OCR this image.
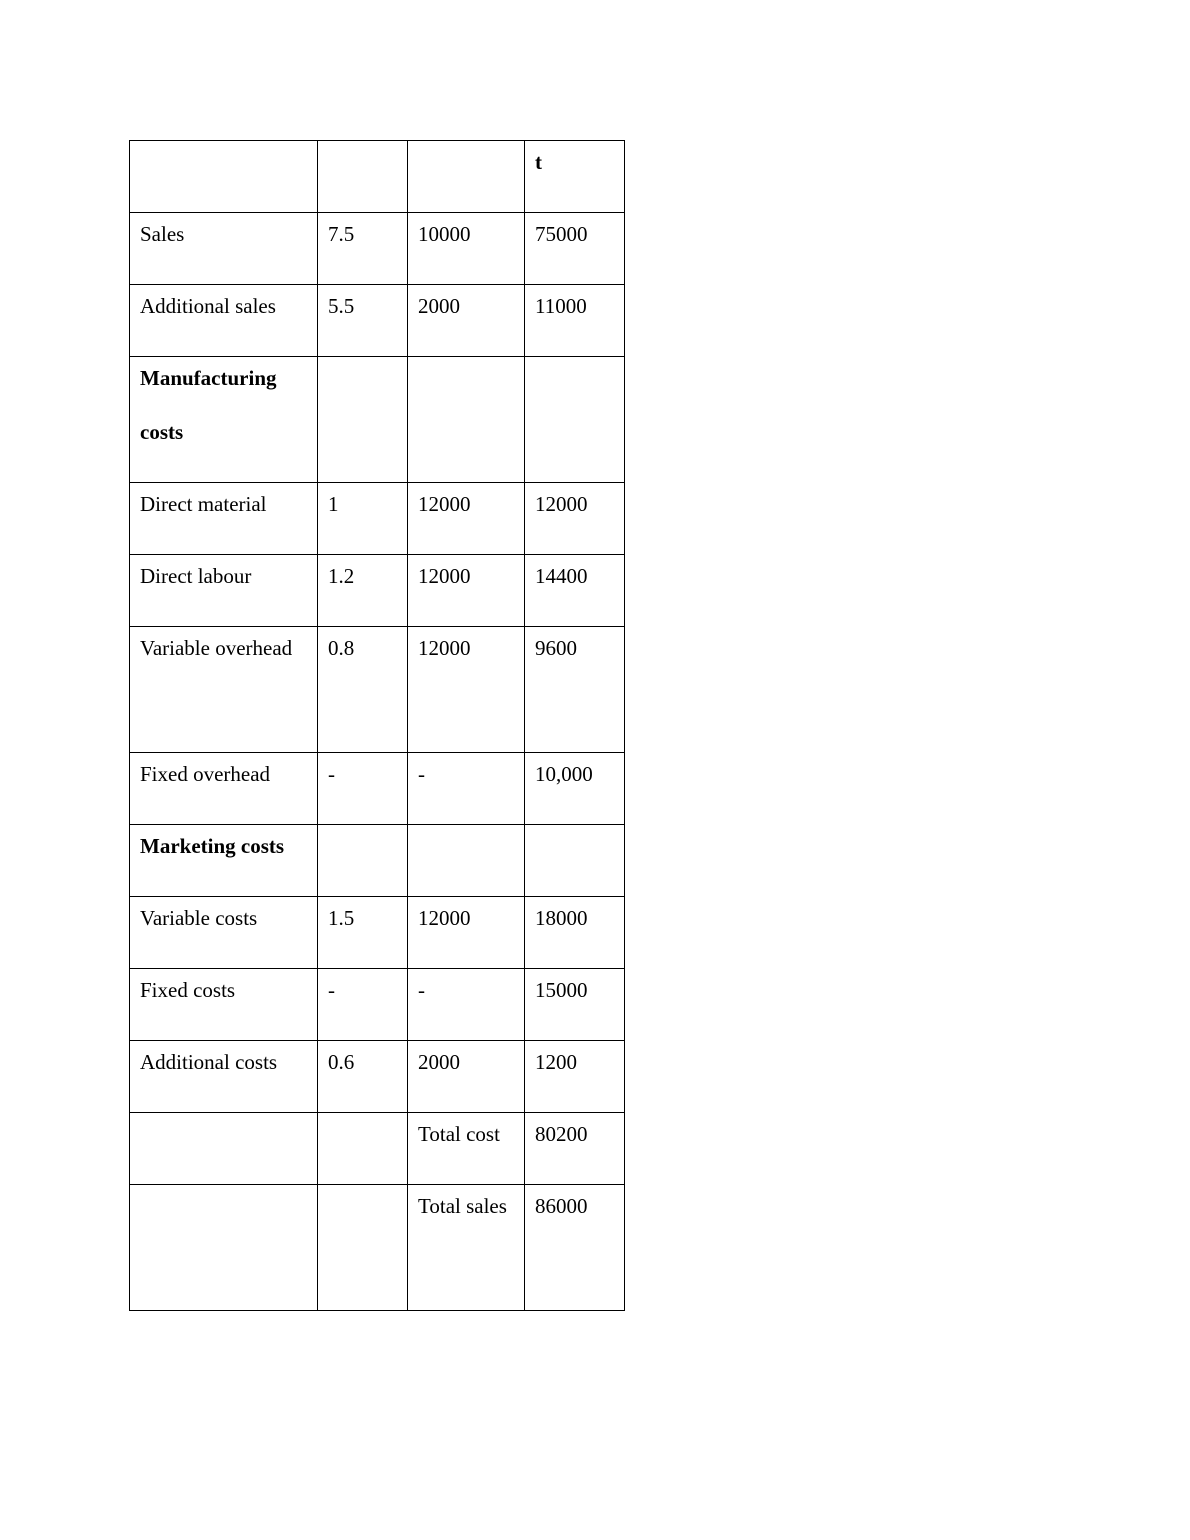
			t

Sales	7.5	10000	75000

Additional sales	5.5	2000	11000

Manufacturing costs			

Direct material	1	12000	12000

Direct labour	1.2	12000	14400

Variable overhead	0.8	12000	9600

Fixed overhead	-	-	10,000

Marketing costs			

Variable costs	1.5	12000	18000

Fixed costs	-	-	15000

Additional costs	0.6	2000	1200

		Total cost	80200

		Total sales	86000
